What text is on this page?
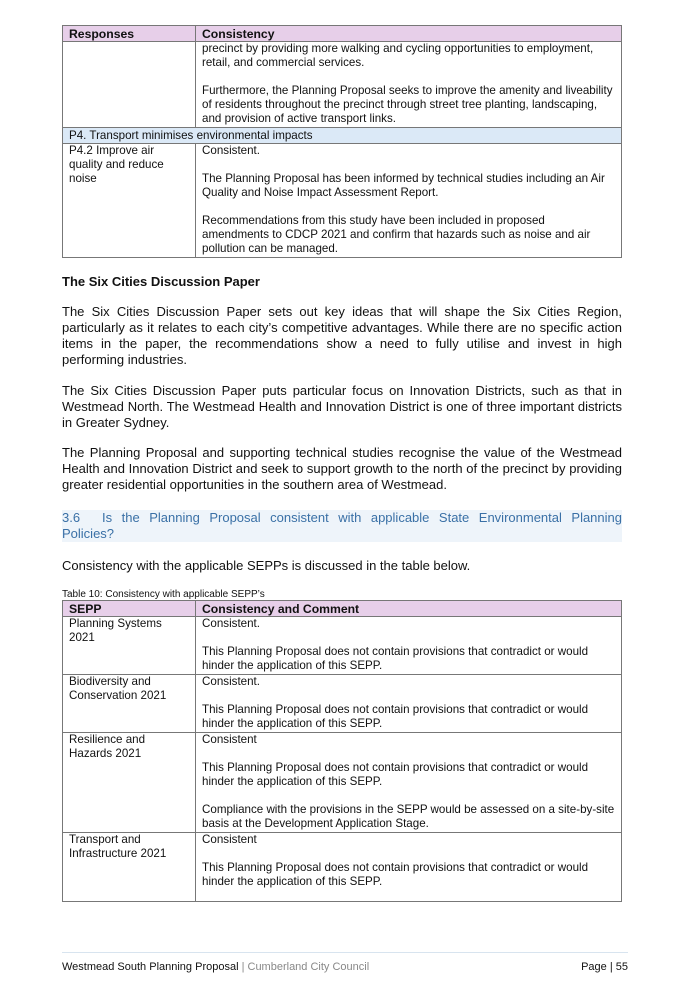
Responses	Consistency

	precinct by providing more walking and cycling opportunities to employment, retail, and commercial services.

Furthermore, the Planning Proposal seeks to improve the amenity and liveability of residents throughout the precinct through street tree planting, landscaping, and provision of active transport links.

P4. Transport minimises environmental impacts	
P4.2 Improve air quality and reduce noise	Consistent.

The Planning Proposal has been informed by technical studies including an Air Quality and Noise Impact Assessment Report.

Recommendations from this study have been included in proposed amendments to CDCP 2021 and confirm that hazards such as noise and air pollution can be managed.

The Six Cities Discussion Paper

The Six Cities Discussion Paper sets out key ideas that will shape the Six Cities Region, particularly as it relates to each city’s competitive advantages. While there are no specific action items in the paper, the recommendations show a need to fully utilise and invest in high performing industries.

The Six Cities Discussion Paper puts particular focus on Innovation Districts, such as that in Westmead North. The Westmead Health and Innovation District is one of three important districts in Greater Sydney.

The Planning Proposal and supporting technical studies recognise the value of the Westmead Health and Innovation District and seek to support growth to the north of the precinct by providing greater residential opportunities in the southern area of Westmead.

3.6 Is the Planning Proposal consistent with applicable State Environmental Planning Policies?

Consistency with the applicable SEPPs is discussed in the table below.

Table 10: Consistency with applicable SEPP’s
SEPP	Consistency and Comment
Planning Systems 2021	Consistent.

This Planning Proposal does not contain provisions that contradict or would hinder the application of this SEPP.

Biodiversity and Conservation 2021	Consistent.

This Planning Proposal does not contain provisions that contradict or would hinder the application of this SEPP.

Resilience and Hazards 2021	Consistent

This Planning Proposal does not contain provisions that contradict or would hinder the application of this SEPP.

Compliance with the provisions in the SEPP would be assessed on a site-by-site basis at the Development Application Stage.

Transport and Infrastructure 2021	Consistent

This Planning Proposal does not contain provisions that contradict or would hinder the application of this SEPP.

Westmead South Planning Proposal | Cumberland City Council	Page | 55
